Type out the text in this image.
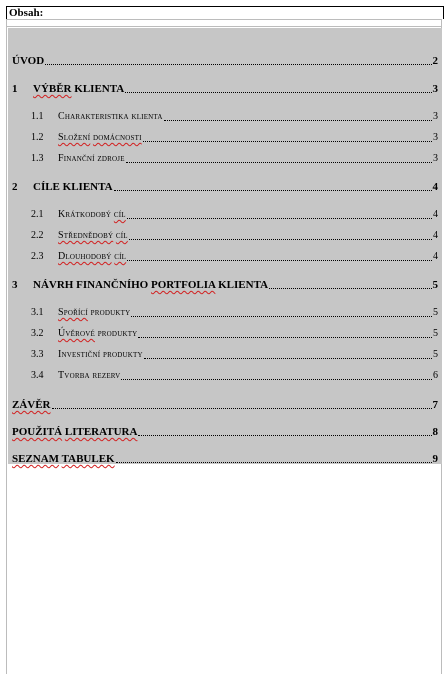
Obsah:
ÚVOD	2
1	VÝBĚR KLIENTA	3
1.1	Charakteristika klienta	3
1.2	Složení domácnosti	3
1.3	Finanční zdroje	3
2	CÍLE KLIENTA	4
2.1	Krátkodobý cíl	4
2.2	Střednědobý cíl	4
2.3	Dlouhodobý cíl	4
3	NÁVRH FINANČNÍHO PORTFOLIA KLIENTA	5
3.1	Spořící produkty	5
3.2	Úvěrové produkty	5
3.3	Investiční produkty	5
3.4	Tvorba rezerv	6
ZÁVĚR	7
POUŽITÁ LITERATURA	8
SEZNAM TABULEK	9
